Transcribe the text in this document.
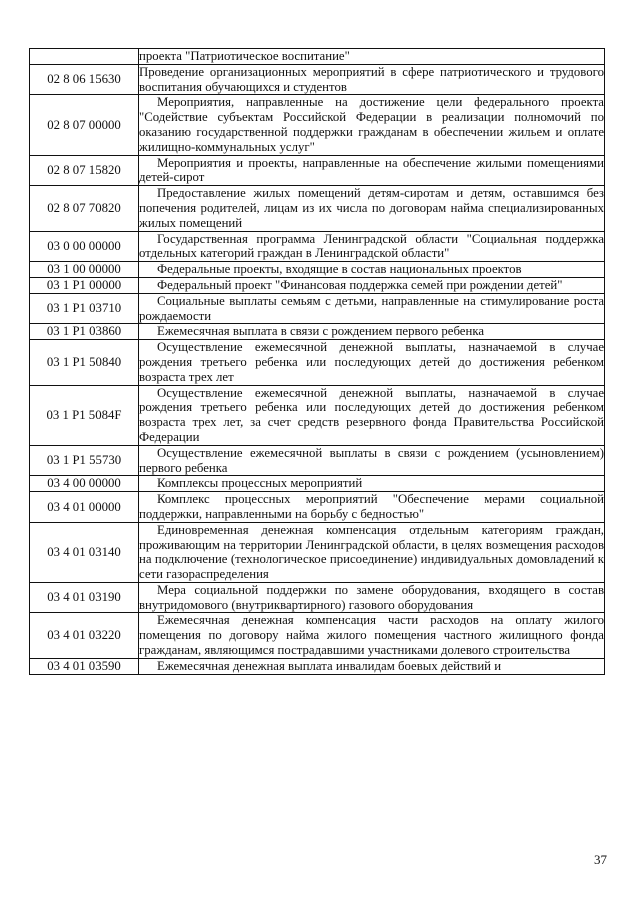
	проекта "Патриотическое воспитание"
02 8 06 15630	Проведение организационных мероприятий в сфере патриотического и трудового воспитания обучающихся и студентов
02 8 07 00000	Мероприятия, направленные на достижение цели федерального проекта "Содействие субъектам Российской Федерации в реализации полномочий по оказанию государственной поддержки гражданам в обеспечении жильем и оплате жилищно-коммунальных услуг"
02 8 07 15820	Мероприятия и проекты, направленные на обеспечение жилыми помещениями детей-сирот
02 8 07 70820	Предоставление жилых помещений детям-сиротам и детям, оставшимся без попечения родителей, лицам из их числа по договорам найма специализированных жилых помещений
03 0 00 00000	Государственная программа Ленинградской области "Социальная поддержка отдельных категорий граждан в Ленинградской области"
03 1 00 00000	Федеральные проекты, входящие в состав национальных проектов
03 1 P1 00000	Федеральный проект "Финансовая поддержка семей при рождении детей"
03 1 P1 03710	Социальные выплаты семьям с детьми, направленные на стимулирование роста рождаемости
03 1 P1 03860	Ежемесячная выплата в связи с рождением первого ребенка
03 1 P1 50840	Осуществление ежемесячной денежной выплаты, назначаемой в случае рождения третьего ребенка или последующих детей до достижения ребенком возраста трех лет
03 1 P1 5084F	Осуществление ежемесячной денежной выплаты, назначаемой в случае рождения третьего ребенка или последующих детей до достижения ребенком возраста трех лет, за счет средств резервного фонда Правительства Российской Федерации
03 1 P1 55730	Осуществление ежемесячной выплаты в связи с рождением (усыновлением) первого ребенка
03 4 00 00000	Комплексы процессных мероприятий
03 4 01 00000	Комплекс процессных мероприятий "Обеспечение мерами социальной поддержки, направленными на борьбу с бедностью"
03 4 01 03140	Единовременная денежная компенсация отдельным категориям граждан, проживающим на территории Ленинградской области, в целях возмещения расходов на подключение (технологическое присоединение) индивидуальных домовладений к сети газораспределения
03 4 01 03190	Мера социальной поддержки по замене оборудования, входящего в состав внутридомового (внутриквартирного) газового оборудования
03 4 01 03220	Ежемесячная денежная компенсация части расходов на оплату жилого помещения по договору найма жилого помещения частного жилищного фонда гражданам, являющимся пострадавшими участниками долевого строительства
03 4 01 03590	Ежемесячная денежная выплата инвалидам боевых действий и
37
